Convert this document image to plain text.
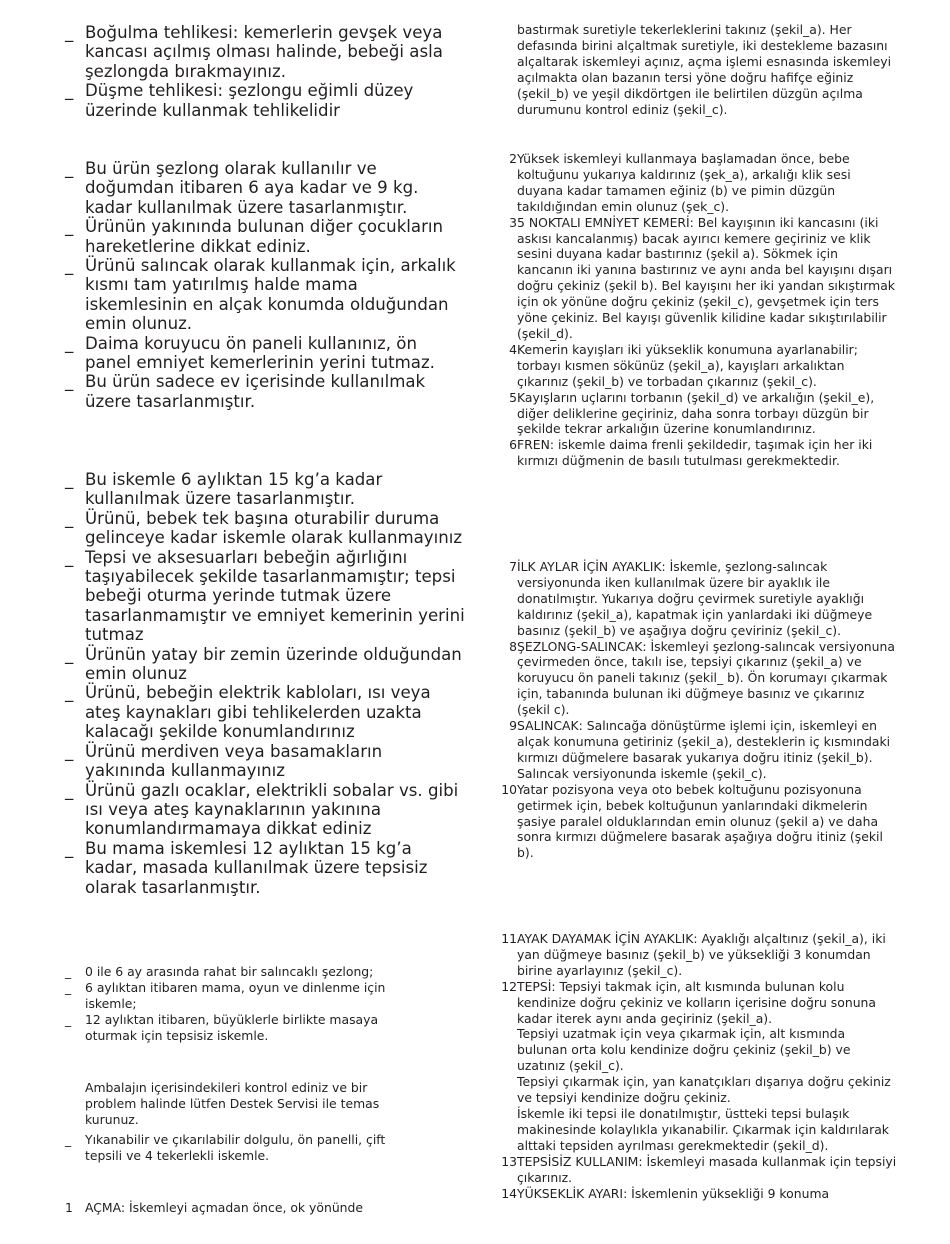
_ Boğulma tehlikesi: kemerlerin gevşek veya kancası açılmış olması halinde, bebeği asla şezlongda bırakmayınız.
_ Düşme tehlikesi: şezlongu eğimli düzey üzerinde kullanmak tehlikelidir
_ Bu ürün şezlong olarak kullanılır ve doğumdan itibaren 6 aya kadar ve 9 kg. kadar kullanılmak üzere tasarlanmıştır.
_ Ürünün yakınında bulunan diğer çocukların hareketlerine dikkat ediniz.
_ Ürünü salıncak olarak kullanmak için, arkalık kısmı tam yatırılmış halde mama iskemlesinin en alçak konumda olduğundan emin olunuz.
_ Daima koruyucu ön paneli kullanınız, ön panel emniyet kemerlerinin yerini tutmaz.
_ Bu ürün sadece ev içerisinde kullanılmak üzere tasarlanmıştır.
_ Bu iskemle 6 aylıktan 15 kg’a kadar kullanılmak üzere tasarlanmıştır.
_ Ürünü, bebek tek başına oturabilir duruma gelinceye kadar iskemle olarak kullanmayınız
_ Tepsi ve aksesuarları bebeğin ağırlığını taşıyabilecek şekilde tasarlanmamıştır; tepsi bebeği oturma yerinde tutmak üzere tasarlanmamıştır ve emniyet kemerinin yerini tutmaz
_ Ürünün yatay bir zemin üzerinde olduğundan emin olunuz
_ Ürünü, bebeğin elektrik kabloları, ısı veya ateş kaynakları gibi tehlikelerden uzakta kalacağı şekilde konumlandırınız
_ Ürünü merdiven veya basamakların yakınında kullanmayınız
_ Ürünü gazlı ocaklar, elektrikli sobalar vs. gibi ısı veya ateş kaynaklarının yakınına konumlandırmamaya dikkat ediniz
_ Bu mama iskemlesi 12 aylıktan 15 kg’a kadar, masada kullanılmak üzere tepsisiz olarak tasarlanmıştır.
_	0 ile 6 ay arasında rahat bir salıncaklı şezlong;
_	6 aylıktan itibaren mama, oyun ve dinlenme için iskemle;
_	12 aylıktan itibaren, büyüklerle birlikte masaya oturmak için tepsisiz iskemle.
Ambalajın içerisindekileri kontrol ediniz ve bir problem halinde lütfen Destek Servisi ile temas kurunuz.
_	Yıkanabilir ve çıkarılabilir dolgulu, ön panelli, çift tepsili ve 4 tekerlekli iskemle.
1 AÇMA: İskemleyi açmadan önce, ok yönünde
bastırmak suretiyle tekerleklerini takınız (şekil_a). Her defasında birini alçaltmak suretiyle, iki destekleme bazasını alçaltarak iskemleyi açınız, açma işlemi esnasında iskemleyi açılmakta olan bazanın tersi yöne doğru hafifçe eğiniz (şekil_b) ve yeşil dikdörtgen ile belirtilen düzgün açılma durumunu kontrol ediniz (şekil_c).
2 Yüksek iskemleyi kullanmaya başlamadan önce, bebe koltuğunu yukarıya kaldırınız (şek_a), arkalığı klik sesi duyana kadar tamamen eğiniz (b) ve pimin düzgün takıldığından emin olunuz (şek_c).
3 5 NOKTALI EMNİYET KEMERİ: Bel kayışının iki kancasını (iki askısı kancalanmış) bacak ayırıcı kemere geçiriniz ve klik sesini duyana kadar bastırınız (şekil a). Sökmek için kancanın iki yanına bastırınız ve aynı anda bel kayışını dışarı doğru çekiniz (şekil b). Bel kayışını her iki yandan sıkıştırmak için ok yönüne doğru çekiniz (şekil_c), gevşetmek için ters yöne çekiniz. Bel kayışı güvenlik kilidine kadar sıkıştırılabilir (şekil_d).
4 Kemerin kayışları iki yükseklik konumuna ayarlanabilir; torbayı kısmen sökünüz (şekil_a), kayışları arkalıktan çıkarınız (şekil_b) ve torbadan çıkarınız (şekil_c).
5 Kayışların uçlarını torbanın (şekil_d) ve arkalığın (şekil_e), diğer deliklerine geçiriniz, daha sonra torbayı düzgün bir şekilde tekrar arkalığın üzerine konumlandırınız.
6 FREN: iskemle daima frenli şekildedir, taşımak için her iki kırmızı düğmenin de basılı tutulması gerekmektedir.
7 İLK AYLAR İÇİN AYAKLIK: İskemle, şezlong-salıncak versiyonunda iken kullanılmak üzere bir ayaklık ile donatılmıştır. Yukarıya doğru çevirmek suretiyle ayaklığı kaldırınız (şekil_a), kapatmak için yanlardaki iki düğmeye basınız (şekil_b) ve aşağıya doğru çeviriniz (şekil_c).
8 ŞEZLONG-SALINCAK: İskemleyi şezlong-salıncak versiyonuna çevirmeden önce, takılı ise, tepsiyi çıkarınız (şekil_a) ve koruyucu ön paneli takınız (şekil_ b). Ön korumayı çıkarmak için, tabanında bulunan iki düğmeye basınız ve çıkarınız (şekil c).
9 SALINCAK: Salıncağa dönüştürme işlemi için, iskemleyi en alçak konumuna getiriniz (şekil_a), desteklerin iç kısmındaki kırmızı düğmelere basarak yukarıya doğru itiniz (şekil_b). Salıncak versiyonunda iskemle (şekil_c).
10 Yatar pozisyona veya oto bebek koltuğunu pozisyonuna getirmek için, bebek koltuğunun yanlarındaki dikmelerin şasiye paralel olduklarından emin olunuz (şekil a) ve daha sonra kırmızı düğmelere basarak aşağıya doğru itiniz (şekil b).
11 AYAK DAYAMAK İÇİN AYAKLIK: Ayaklığı alçaltınız (şekil_a), iki yan düğmeye basınız (şekil_b) ve yüksekliği 3 konumdan birine ayarlayınız (şekil_c).
12 TEPSİ: Tepsiyi takmak için, alt kısmında bulunan kolu kendinize doğru çekiniz ve kolların içerisine doğru sonuna kadar iterek aynı anda geçiriniz (şekil_a).
Tepsiyi uzatmak için veya çıkarmak için, alt kısmında bulunan orta kolu kendinize doğru çekiniz (şekil_b) ve uzatınız (şekil_c).
Tepsiyi çıkarmak için, yan kanatçıkları dışarıya doğru çekiniz ve tepsiyi kendinize doğru çekiniz.
İskemle iki tepsi ile donatılmıştır, üstteki tepsi bulaşık makinesinde kolaylıkla yıkanabilir. Çıkarmak için kaldırılarak alttaki tepsiden ayrılması gerekmektedir (şekil_d).
13 TEPSİSİZ KULLANIM: İskemleyi masada kullanmak için tepsiyi çıkarınız.
14 YÜKSEKLİK AYARI: İskemlenin yüksekliği 9 konuma
